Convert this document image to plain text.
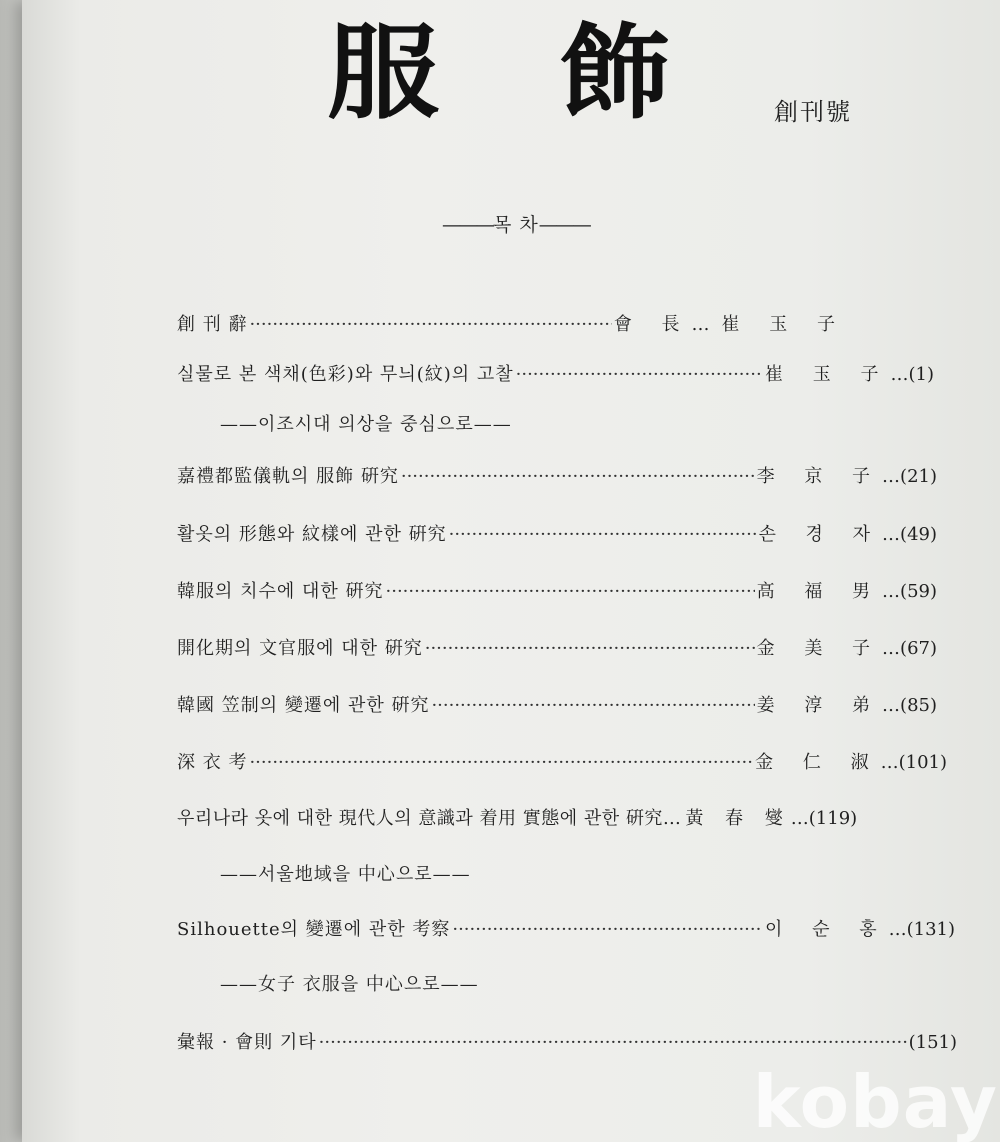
服飾
創刊號
———목 차———
創 刊 辭 ·····	會 長…崔 玉 子
실물로 본 색채(色彩)와 무늬(紋)의 고찰 ·····	崔 玉 子 …(1)
——이조시대 의상을 중심으로——
嘉禮都監儀軌의 服飾 硏究 ·····	李 京 子 …(21)
활옷의 形態와 紋樣에 관한 硏究 ·····	손 경 자 …(49)
韓服의 치수에 대한 硏究 ·····	高 福 男 …(59)
開化期의 文官服에 대한 硏究 ·····	金 美 子 …(67)
韓國 笠制의 變遷에 관한 硏究 ·····	姜 淳 弟 …(85)
深 衣 考 ·····	金 仁 淑 …(101)
우리나라 옷에 대한 現代人의 意識과 着用 實態에 관한 硏究… 黃 春 燮 …(119)
——서울地域을 中心으로——
Silhouette의 變遷에 관한 考察 ·····	이 순 홍 …(131)
——女子 衣服을 中心으로——
彙報 · 會則 기타 ·····	(151)
kobay
